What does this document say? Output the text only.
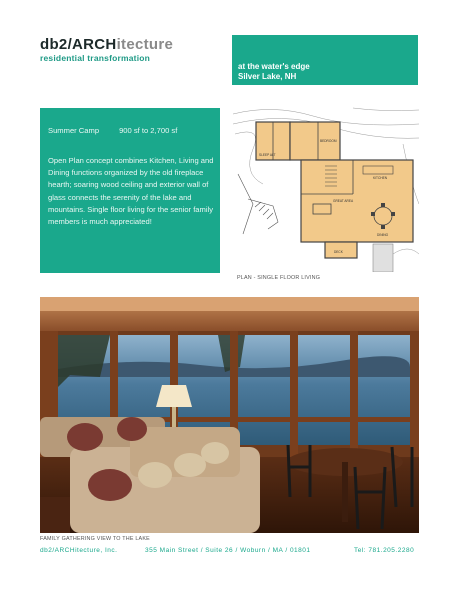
db2/ARCHitecture
residential transformation
at the water's edge
Silver Lake, NH
Summer Camp	900 sf to 2,700 sf
Open Plan concept combines Kitchen, Living and Dining functions organized by the old fireplace hearth; soaring wood ceiling and exterior wall of glass connects the serenity of the lake and mountains. Single floor living for the senior family members is much appreciated!
SLEEP ALT
BEDROOM
KITCHEN
GREAT AREA
DINING
DECK
PLAN - SINGLE FLOOR LIVING
FAMILY GATHERING VIEW TO THE LAKE
db2/ARCHitecture, Inc.	355 Main Street / Suite 26 / Woburn / MA / 01801	Tel: 781.205.2280
